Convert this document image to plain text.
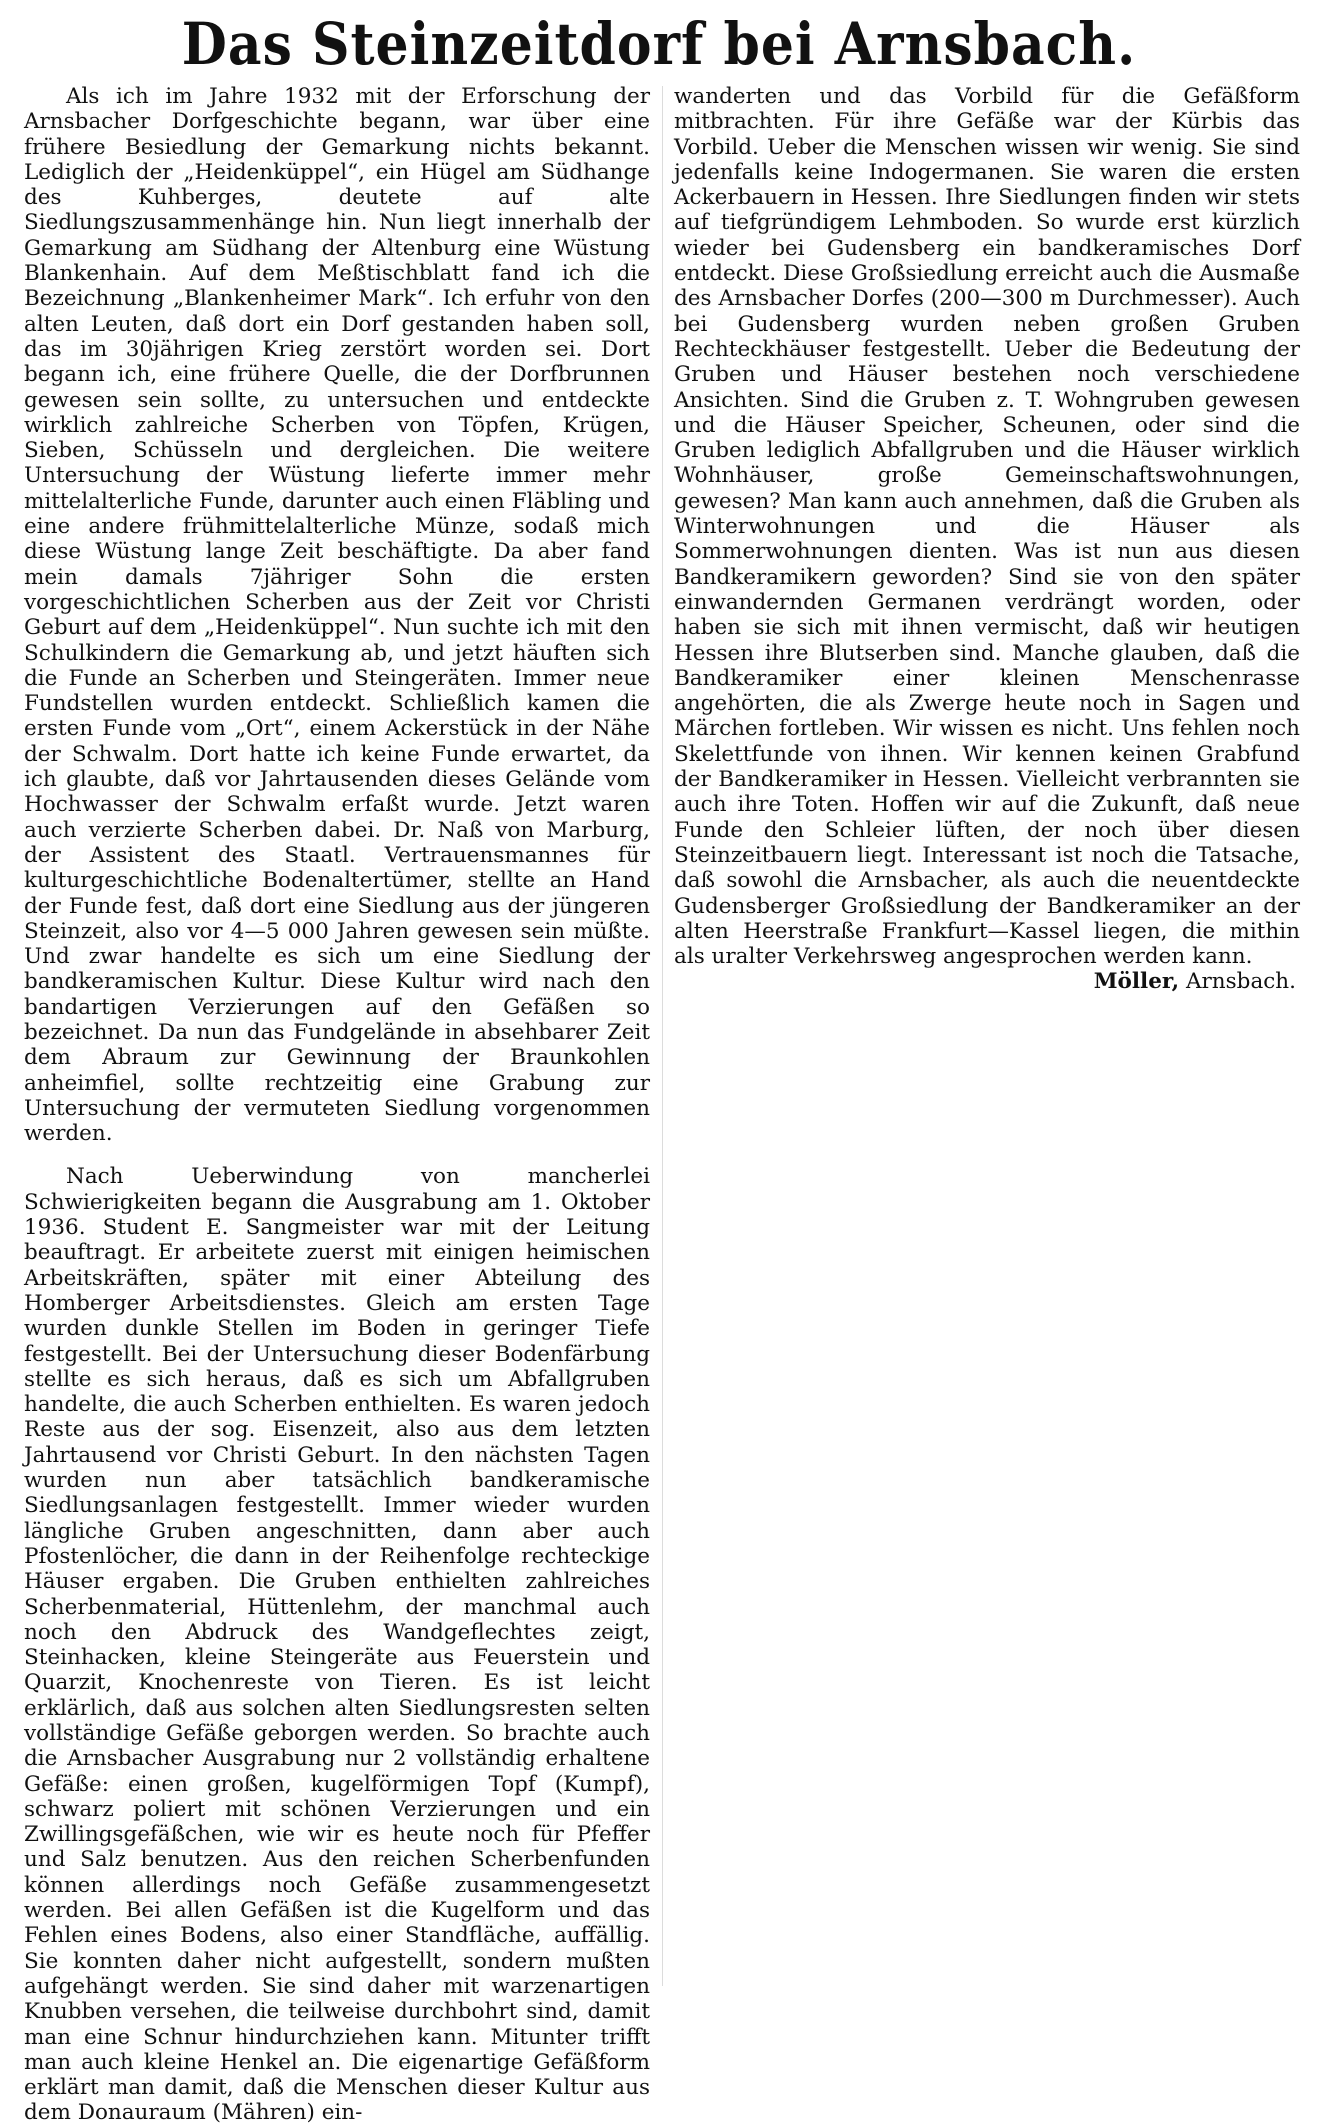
Das Steinzeitdorf bei Arnsbach.

Als ich im Jahre 1932 mit der Erforschung der Arnsbacher Dorfgeschichte begann, war über eine frühere Besiedlung der Gemarkung nichts bekannt. Lediglich der „Heidenküppel“, ein Hügel am Südhange des Kuhberges, deutete auf alte Siedlungszusammenhänge hin. Nun liegt innerhalb der Gemarkung am Südhang der Altenburg eine Wüstung Blankenhain. Auf dem Meßtischblatt fand ich die Bezeichnung „Blankenheimer Mark“. Ich erfuhr von den alten Leuten, daß dort ein Dorf gestanden haben soll, das im 30jährigen Krieg zerstört worden sei. Dort begann ich, eine frühere Quelle, die der Dorfbrunnen gewesen sein sollte, zu untersuchen und entdeckte wirklich zahlreiche Scherben von Töpfen, Krügen, Sieben, Schüsseln und dergleichen. Die weitere Untersuchung der Wüstung lieferte immer mehr mittelalterliche Funde, darunter auch einen Fläbling und eine andere frühmittelalterliche Münze, sodaß mich diese Wüstung lange Zeit beschäftigte. Da aber fand mein damals 7jähriger Sohn die ersten vorgeschichtlichen Scherben aus der Zeit vor Christi Geburt auf dem „Heidenküppel“. Nun suchte ich mit den Schulkindern die Gemarkung ab, und jetzt häuften sich die Funde an Scherben und Steingeräten. Immer neue Fundstellen wurden entdeckt. Schließlich kamen die ersten Funde vom „Ort“, einem Ackerstück in der Nähe der Schwalm. Dort hatte ich keine Funde erwartet, da ich glaubte, daß vor Jahrtausenden dieses Gelände vom Hochwasser der Schwalm erfaßt wurde. Jetzt waren auch verzierte Scherben dabei. Dr. Naß von Marburg, der Assistent des Staatl. Vertrauensmannes für kulturgeschichtliche Bodenaltertümer, stellte an Hand der Funde fest, daß dort eine Siedlung aus der jüngeren Steinzeit, also vor 4—5 000 Jahren gewesen sein müßte. Und zwar handelte es sich um eine Siedlung der bandkeramischen Kultur. Diese Kultur wird nach den bandartigen Verzierungen auf den Gefäßen so bezeichnet. Da nun das Fundgelände in absehbarer Zeit dem Abraum zur Gewinnung der Braunkohlen anheimfiel, sollte rechtzeitig eine Grabung zur Untersuchung der vermuteten Siedlung vorgenommen werden.

Nach Ueberwindung von mancherlei Schwierigkeiten begann die Ausgrabung am 1. Oktober 1936. Student E. Sangmeister war mit der Leitung beauftragt. Er arbeitete zuerst mit einigen heimischen Arbeitskräften, später mit einer Abteilung des Homberger Arbeitsdienstes. Gleich am ersten Tage wurden dunkle Stellen im Boden in geringer Tiefe festgestellt. Bei der Untersuchung dieser Bodenfärbung stellte es sich heraus, daß es sich um Abfallgruben handelte, die auch Scherben enthielten. Es waren jedoch Reste aus der sog. Eisenzeit, also aus dem letzten Jahrtausend vor Christi Geburt. In den nächsten Tagen wurden nun aber tatsächlich bandkeramische Siedlungsanlagen festgestellt. Immer wieder wurden längliche Gruben angeschnitten, dann aber auch Pfostenlöcher, die dann in der Reihenfolge rechteckige Häuser ergaben. Die Gruben enthielten zahlreiches Scherbenmaterial, Hüttenlehm, der manchmal auch noch den Abdruck des Wandgeflechtes zeigt, Steinhacken, kleine Steingeräte aus Feuerstein und Quarzit, Knochenreste von Tieren. Es ist leicht erklärlich, daß aus solchen alten Siedlungsresten selten vollständige Gefäße geborgen werden. So brachte auch die Arnsbacher Ausgrabung nur 2 vollständig erhaltene Gefäße: einen großen, kugelförmigen Topf (Kumpf), schwarz poliert mit schönen Verzierungen und ein Zwillingsgefäßchen, wie wir es heute noch für Pfeffer und Salz benutzen. Aus den reichen Scherbenfunden können allerdings noch Gefäße zusammengesetzt werden. Bei allen Gefäßen ist die Kugelform und das Fehlen eines Bodens, also einer Standfläche, auffällig. Sie konnten daher nicht aufgestellt, sondern mußten aufgehängt werden. Sie sind daher mit warzenartigen Knubben versehen, die teilweise durchbohrt sind, damit man eine Schnur hindurchziehen kann. Mitunter trifft man auch kleine Henkel an. Die eigenartige Gefäßform erklärt man damit, daß die Menschen dieser Kultur aus dem Donauraum (Mähren) ein-

wanderten und das Vorbild für die Gefäßform mitbrachten. Für ihre Gefäße war der Kürbis das Vorbild. Ueber die Menschen wissen wir wenig. Sie sind jedenfalls keine Indogermanen. Sie waren die ersten Ackerbauern in Hessen. Ihre Siedlungen finden wir stets auf tiefgründigem Lehmboden. So wurde erst kürzlich wieder bei Gudensberg ein bandkeramisches Dorf entdeckt. Diese Großsiedlung erreicht auch die Ausmaße des Arnsbacher Dorfes (200—300 m Durchmesser). Auch bei Gudensberg wurden neben großen Gruben Rechteckhäuser festgestellt. Ueber die Bedeutung der Gruben und Häuser bestehen noch verschiedene Ansichten. Sind die Gruben z. T. Wohngruben gewesen und die Häuser Speicher, Scheunen, oder sind die Gruben lediglich Abfallgruben und die Häuser wirklich Wohnhäuser, große Gemeinschaftswohnungen, gewesen? Man kann auch annehmen, daß die Gruben als Winterwohnungen und die Häuser als Sommerwohnungen dienten. Was ist nun aus diesen Bandkeramikern geworden? Sind sie von den später einwandernden Germanen verdrängt worden, oder haben sie sich mit ihnen vermischt, daß wir heutigen Hessen ihre Blutserben sind. Manche glauben, daß die Bandkeramiker einer kleinen Menschenrasse angehörten, die als Zwerge heute noch in Sagen und Märchen fortleben. Wir wissen es nicht. Uns fehlen noch Skelettfunde von ihnen. Wir kennen keinen Grabfund der Bandkeramiker in Hessen. Vielleicht verbrannten sie auch ihre Toten. Hoffen wir auf die Zukunft, daß neue Funde den Schleier lüften, der noch über diesen Steinzeitbauern liegt. Interessant ist noch die Tatsache, daß sowohl die Arnsbacher, als auch die neuentdeckte Gudensberger Großsiedlung der Bandkeramiker an der alten Heerstraße Frankfurt—Kassel liegen, die mithin als uralter Verkehrsweg angesprochen werden kann.
Möller, Arnsbach.
